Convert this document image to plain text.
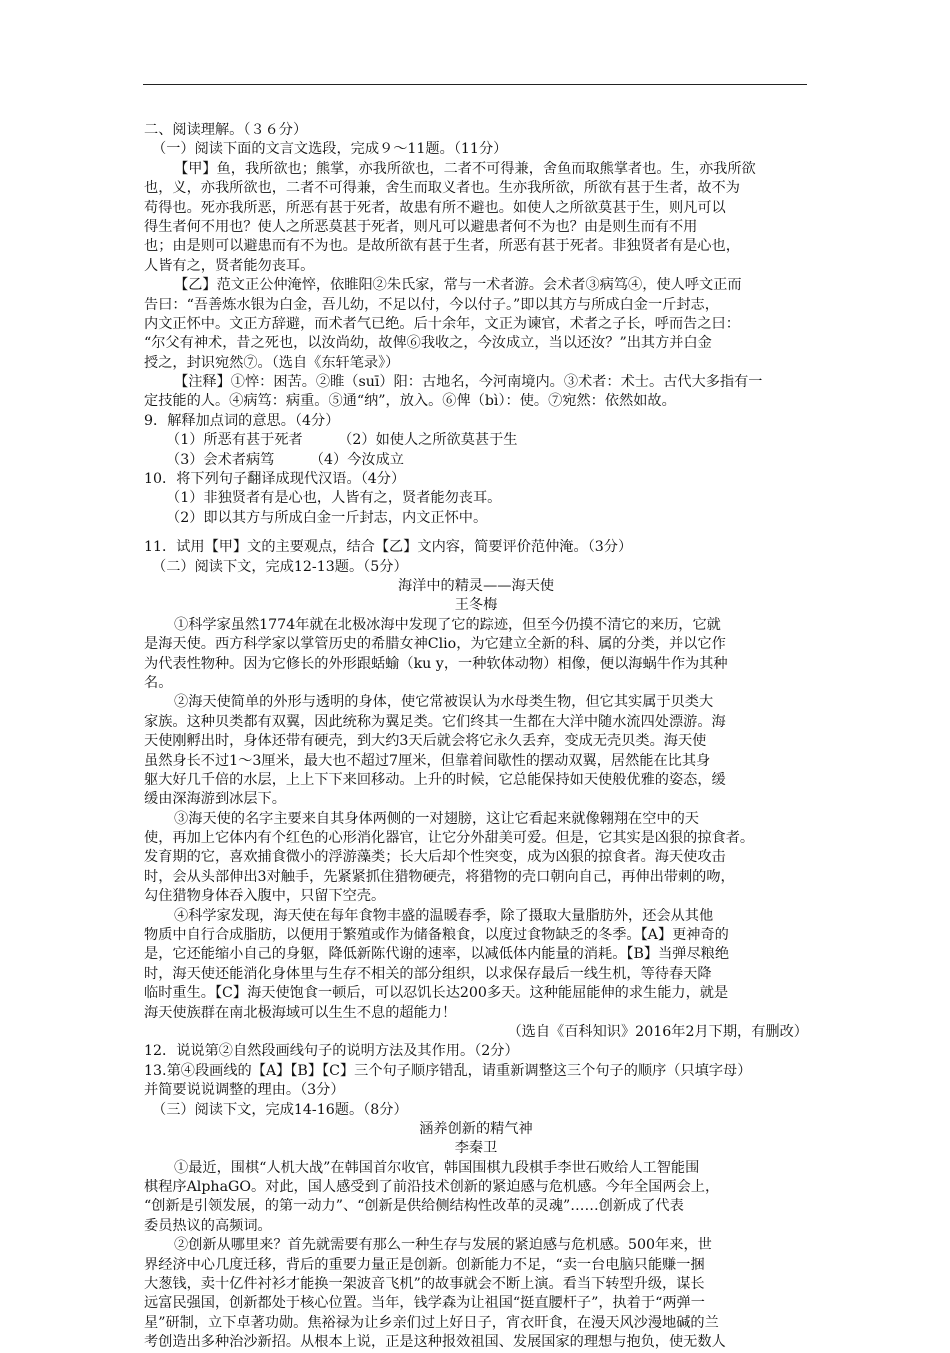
二、阅读理解。（３６分）
（一）阅读下面的文言文选段，完成９～11题。（11分）
【甲】鱼，我所欲也；熊掌，亦我所欲也，二者不可得兼，舍鱼而取熊掌者也。生，亦我所欲
也，义，亦我所欲也，二者不可得兼，舍生而取义者也。生亦我所欲，所欲有甚于生者，故不为
苟得也。死亦我所恶，所恶有甚于死者，故患有所不避也。如使人之所欲莫甚于生，则凡可以
得生者何不用也？使人之所恶莫甚于死者，则凡可以避患者何不为也？由是则生而有不用
也；由是则可以避患而有不为也。是故所欲有甚于生者，所恶有甚于死者。非独贤者有是心也，
人皆有之，贤者能勿丧耳。
【乙】范文正公仲淹悴，依睢阳②朱氏家，常与一术者游。会术者③病笃④，使人呼文正而
告曰：“吾善炼水银为白金，吾儿幼，不足以付，今以付子。”即以其方与所成白金一斤封志，
内文正怀中。文正方辞避，而术者气已绝。后十余年，文正为谏官，术者之子长，呼而告之曰：
“尔父有神术，昔之死也，以汝尚幼，故俾⑥我收之，今汝成立，当以还汝？”出其方并白金
授之，封识宛然⑦。（选自《东轩笔录》）
【注释】①悴：困苦。②睢（suī）阳：古地名，今河南境内。③术者：术士。古代大多指有一
定技能的人。④病笃：病重。⑤通“纳”，放入。⑥俾（bì）：使。⑦宛然：依然如故。
9．解释加点词的意思。（4分）
（1）所恶有甚于死者　　　（2）如使人之所欲莫甚于生
（3）会术者病笃　　　（4）今汝成立
10．将下列句子翻译成现代汉语。（4分）
（1）非独贤者有是心也，人皆有之，贤者能勿丧耳。
（2）即以其方与所成白金一斤封志，内文正怀中。
11．试用【甲】文的主要观点，结合【乙】文内容，简要评价范仲淹。（3分）
（二）阅读下文，完成12-13题。（5分）
海洋中的精灵——海天使
王冬梅
①科学家虽然1774年就在北极冰海中发现了它的踪迹，但至今仍摸不清它的来历，它就
是海天使。西方科学家以掌管历史的希腊女神Clio，为它建立全新的科、属的分类，并以它作
为代表性物种。因为它修长的外形跟蛞蝓（ku y，一种软体动物）相像，便以海蜗牛作为其种
名。
②海天使简单的外形与透明的身体，使它常被误认为水母类生物，但它其实属于贝类大
家族。这种贝类都有双翼，因此统称为翼足类。它们终其一生都在大洋中随水流四处漂游。海
天使刚孵出时，身体还带有硬壳，到大约3天后就会将它永久丢弃，变成无壳贝类。海天使
虽然身长不过1～3厘米，最大也不超过7厘米，但靠着间歇性的摆动双翼，居然能在比其身
躯大好几千倍的水层，上上下下来回移动。上升的时候，它总能保持如天使般优雅的姿态，缓
缓由深海游到冰层下。
③海天使的名字主要来自其身体两侧的一对翅膀，这让它看起来就像翱翔在空中的天
使，再加上它体内有个红色的心形消化器官，让它分外甜美可爱。但是，它其实是凶狠的掠食者。
发育期的它，喜欢捕食微小的浮游藻类；长大后却个性突变，成为凶狠的掠食者。海天使攻击
时，会从头部伸出3对触手，先紧紧抓住猎物硬壳，将猎物的壳口朝向自己，再伸出带刺的吻，
勾住猎物身体吞入腹中，只留下空壳。
④科学家发现，海天使在每年食物丰盛的温暖春季，除了摄取大量脂肪外，还会从其他
物质中自行合成脂肪，以便用于繁殖或作为储备粮食，以度过食物缺乏的冬季。【A】更神奇的
是，它还能缩小自己的身躯，降低新陈代谢的速率，以减低体内能量的消耗。【B】当弹尽粮绝
时，海天使还能消化身体里与生存不相关的部分组织，以求保存最后一线生机，等待春天降
临时重生。【C】海天使饱食一顿后，可以忍饥长达200多天。这种能屈能伸的求生能力，就是
海天使族群在南北极海域可以生生不息的超能力！
（选自《百科知识》2016年2月下期，有删改）
12．说说第②自然段画线句子的说明方法及其作用。（2分）
13.第④段画线的【A】【B】【C】三个句子顺序错乱，请重新调整这三个句子的顺序（只填字母）
并简要说说调整的理由。（3分）
（三）阅读下文，完成14-16题。（8分）
涵养创新的精气神
李秦卫
①最近，围棋“人机大战”在韩国首尔收官，韩国围棋九段棋手李世石败给人工智能围
棋程序AlphaGO。对此，国人感受到了前沿技术创新的紧迫感与危机感。今年全国两会上，
“创新是引领发展，的第一动力”、“创新是供给侧结构性改革的灵魂”……创新成了代表
委员热议的高频词。
②创新从哪里来？首先就需要有那么一种生存与发展的紧迫感与危机感。500年来，世
界经济中心几度迁移，背后的重要力量正是创新。创新能力不足，“卖一台电脑只能赚一捆
大葱钱，卖十亿件衬衫才能换一架波音飞机”的故事就会不断上演。看当下转型升级，谋长
远富民强国，创新都处于核心位置。当年，钱学森为让祖国“挺直腰杆子”，执着于“两弹一
星”研制，立下卓著功勋。焦裕禄为让乡亲们过上好日子，宵衣旰食，在漫天风沙漫地碱的兰
考创造出多种治沙新招。从根本上说，正是这种报效祖国、发展国家的理想与抱负，使无数人
